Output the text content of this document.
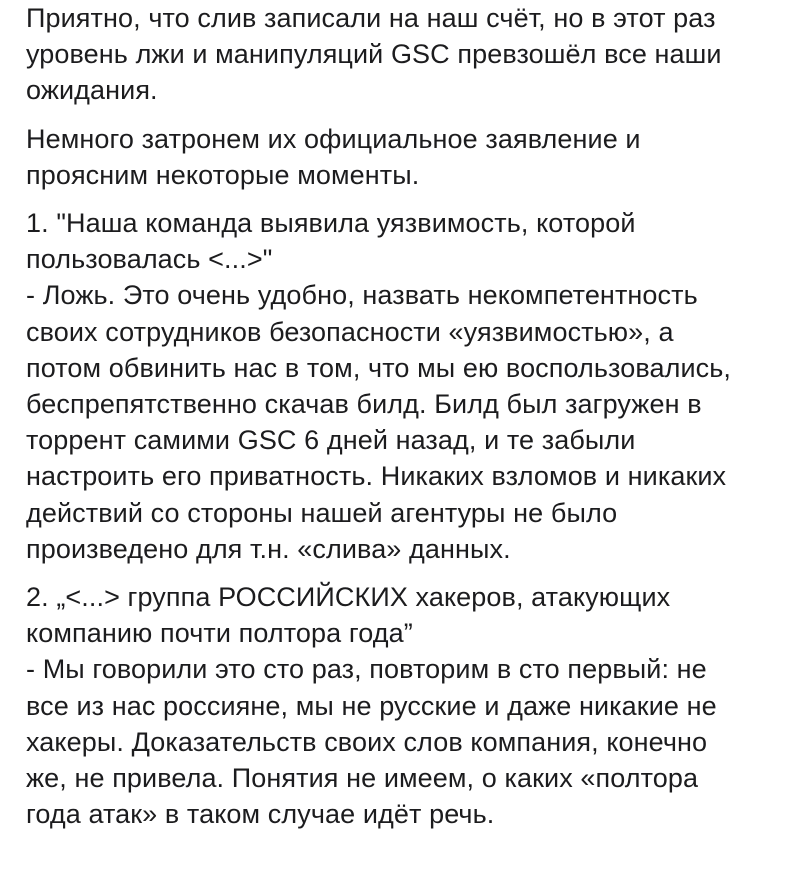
Приятно, что слив записали на наш счёт, но в этот раз
уровень лжи и манипуляций GSC превзошёл все наши
ожидания.

Немного затронем их официальное заявление и
проясним некоторые моменты.

1. "Наша команда выявила уязвимость, которой
пользовалась <...>"
- Ложь. Это очень удобно, назвать некомпетентность
своих сотрудников безопасности «уязвимостью», а
потом обвинить нас в том, что мы ею воспользовались,
беспрепятственно скачав билд. Билд был загружен в
торрент самими GSC 6 дней назад, и те забыли
настроить его приватность. Никаких взломов и никаких
действий со стороны нашей агентуры не было
произведено для т.н. «слива» данных.

2. „<...> группа РОССИЙСКИХ хакеров, атакующих
компанию почти полтора года”
- Мы говорили это сто раз, повторим в сто первый: не
все из нас россияне, мы не русские и даже никакие не
хакеры. Доказательств своих слов компания, конечно
же, не привела. Понятия не имеем, о каких «полтора
года атак» в таком случае идёт речь.
